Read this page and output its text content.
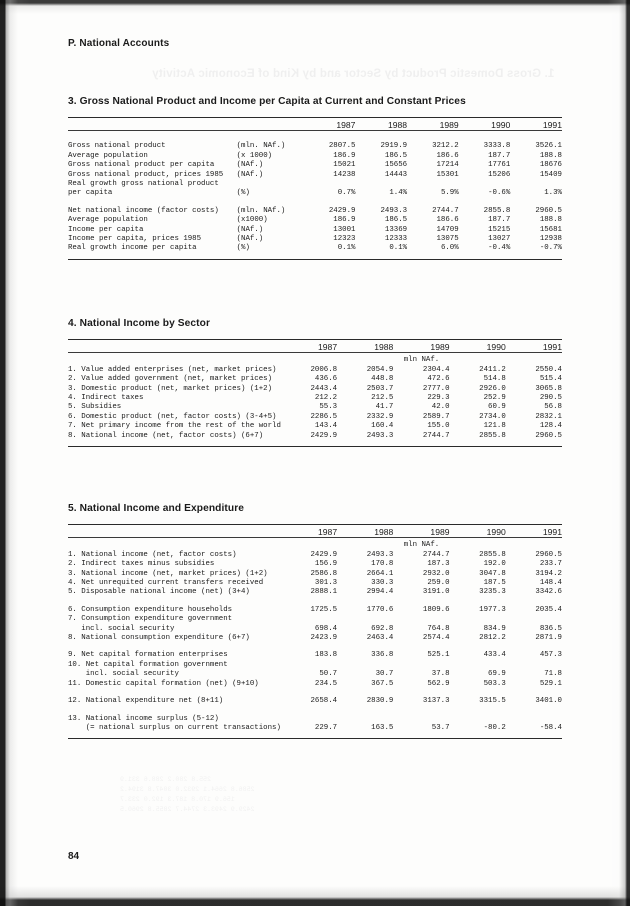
1. Gross Domestic Product by Sector and by Kind of Economic Activity
P. National Accounts
3. Gross National Product and Income per Capita at Current and Constant Prices

		1987	1988	1989	1990	1991

Gross national product	(mln. NAf.)	2807.5	2919.9	3212.2	3333.8	3526.1
Average population	(x 1000)	186.9	186.5	186.6	187.7	188.8
Gross national product per capita	(NAf.)	15021	15656	17214	17761	18676
Gross national product, prices 1985	(NAf.)	14238	14443	15301	15206	15409
Real growth gross national product						
per capita	(%)	0.7%	1.4%	5.9%	-0.6%	1.3%

Net national income (factor costs)	(mln. NAf.)	2429.9	2493.3	2744.7	2855.8	2960.5
Average population	(x1000)	186.9	186.5	186.6	187.7	188.8
Income per capita	(NAf.)	13001	13369	14709	15215	15681
Income per capita, prices 1985	(NAf.)	12323	12333	13075	13027	12938
Real growth income per capita	(%)	0.1%	0.1%	6.0%	-0.4%	-0.7%

4. National Income by Sector

	1987	1988	1989	1990	1991

	mln NAf.				
1. Value added enterprises (net, market prices)	2006.8	2054.9	2304.4	2411.2	2550.4
2. Value added government (net, market prices)	436.6	448.8	472.6	514.8	515.4
3. Domestic product (net, market prices) (1+2)	2443.4	2503.7	2777.0	2926.0	3065.8
4. Indirect taxes	212.2	212.5	229.3	252.9	290.5
5. Subsidies	55.3	41.7	42.0	60.9	56.8
6. Domestic product (net, factor costs) (3-4+5)	2286.5	2332.9	2589.7	2734.0	2832.1
7. Net primary income from the rest of the world	143.4	160.4	155.0	121.8	128.4
8. National income (net, factor costs) (6+7)	2429.9	2493.3	2744.7	2855.8	2960.5

5. National Income and Expenditure

	1987	1988	1989	1990	1991

	mln NAf.				
1. National income (net, factor costs)	2429.9	2493.3	2744.7	2855.8	2960.5
2. Indirect taxes minus subsidies	156.9	170.8	187.3	192.0	233.7
3. National income (net, market prices) (1+2)	2586.8	2664.1	2932.0	3047.8	3194.2
4. Net unrequited current transfers received	301.3	330.3	259.0	187.5	148.4
5. Disposable national income (net) (3+4)	2888.1	2994.4	3191.0	3235.3	3342.6

6. Consumption expenditure households	1725.5	1770.6	1809.6	1977.3	2035.4
7. Consumption expenditure government					
incl. social security	698.4	692.8	764.8	834.9	836.5
8. National consumption expenditure (6+7)	2423.9	2463.4	2574.4	2812.2	2871.9

9. Net capital formation enterprises	183.8	336.8	525.1	433.4	457.3
10. Net capital formation government					
incl. social security	50.7	30.7	37.8	69.9	71.8
11. Domestic capital formation (net) (9+10)	234.5	367.5	562.9	503.3	529.1

12. National expenditure net (8+11)	2658.4	2830.9	3137.3	3315.5	3401.0

13. National income surplus (5-12)					
(= national surplus on current transactions)	229.7	163.5	53.7	-80.2	-58.4

84
2586.8 2664.1 2932.0 3047.8 3194.2
156.9 170.8 187.3 192.0 233.7
2429.9 2493.3 2744.7 2855.8 2960.5
255.8 280.2 288.6 331.9
